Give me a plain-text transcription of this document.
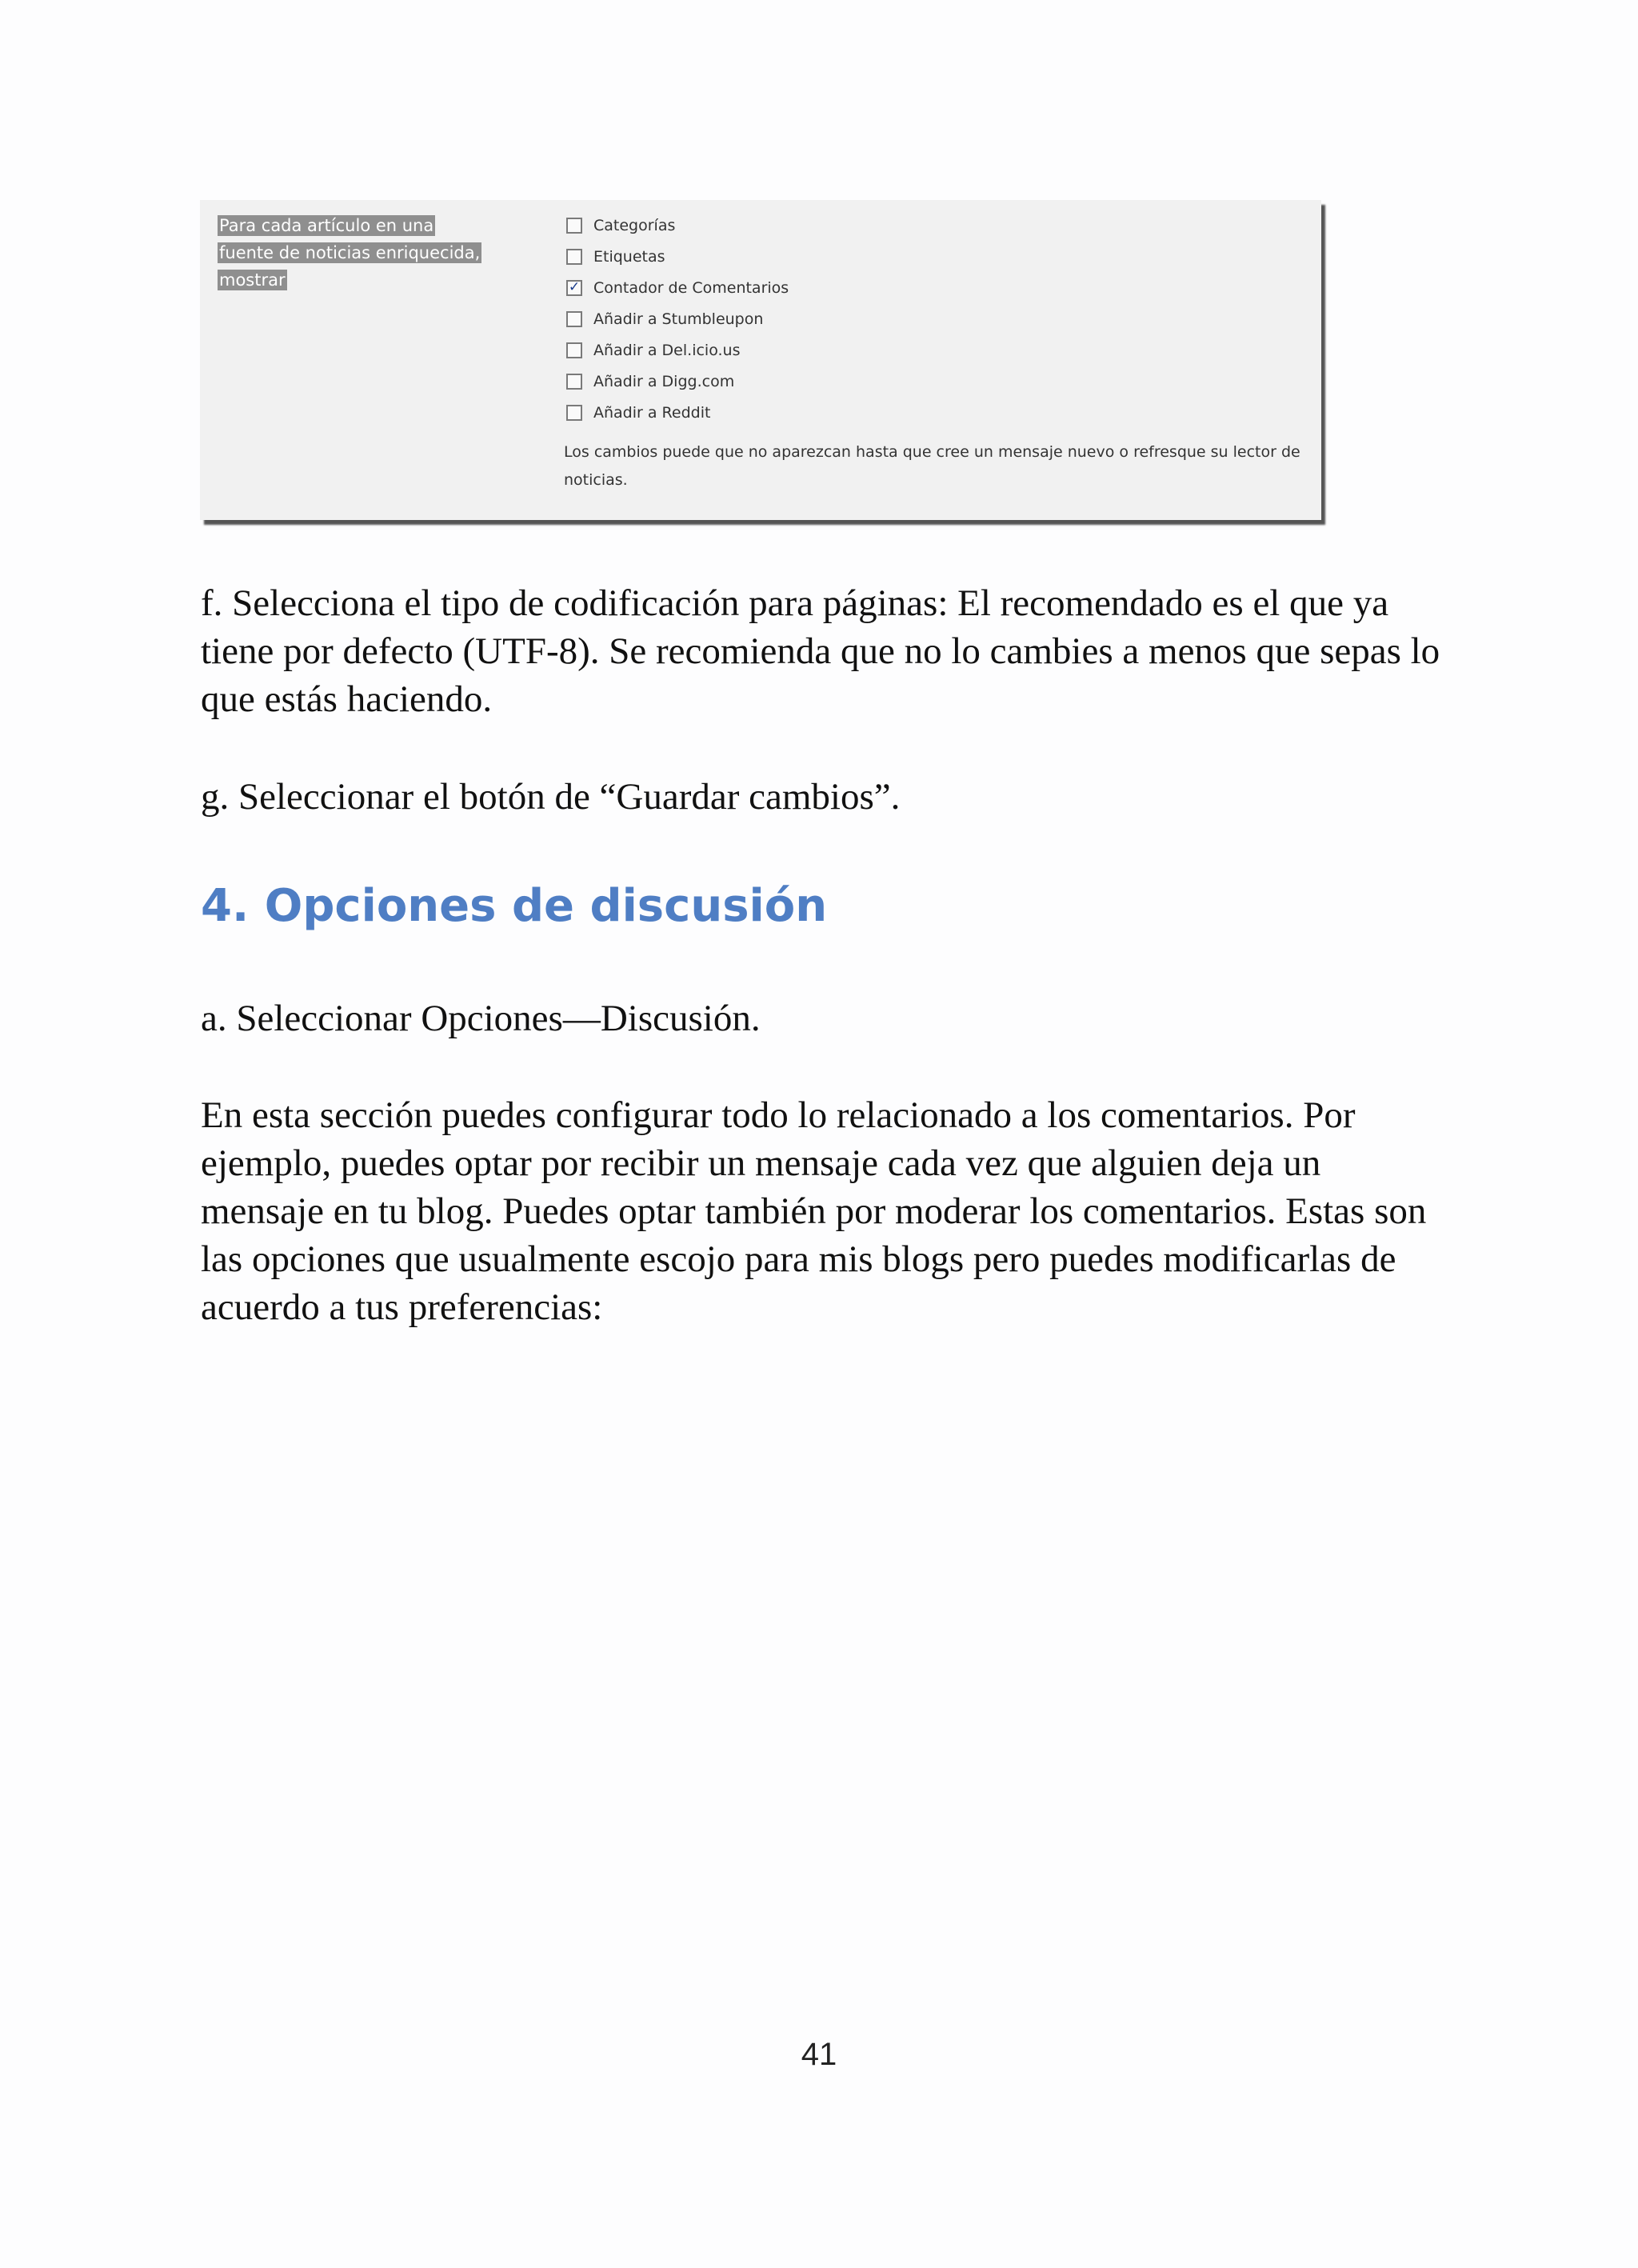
Para cada artículo en una fuente de noticias enriquecida, mostrar
Categorías
Etiquetas
✓ Contador de Comentarios
Añadir a Stumbleupon
Añadir a Del.icio.us
Añadir a Digg.com
Añadir a Reddit
Los cambios puede que no aparezcan hasta que cree un mensaje nuevo o refresque su lector de noticias.

f. Selecciona el tipo de codificación para páginas: El recomendado es el que ya tiene por defecto (UTF-8). Se recomienda que no lo cambies a menos que sepas lo que estás haciendo.

g. Seleccionar el botón de “Guardar cambios”.

4. Opciones de discusión

a. Seleccionar Opciones—Discusión.

En esta sección puedes configurar todo lo relacionado a los comentarios. Por ejemplo, puedes optar por recibir un mensaje cada vez que alguien deja un mensaje en tu blog. Puedes optar también por moderar los comentarios. Estas son las opciones que usualmente escojo para mis blogs pero puedes modificarlas de acuerdo a tus preferencias:

41
